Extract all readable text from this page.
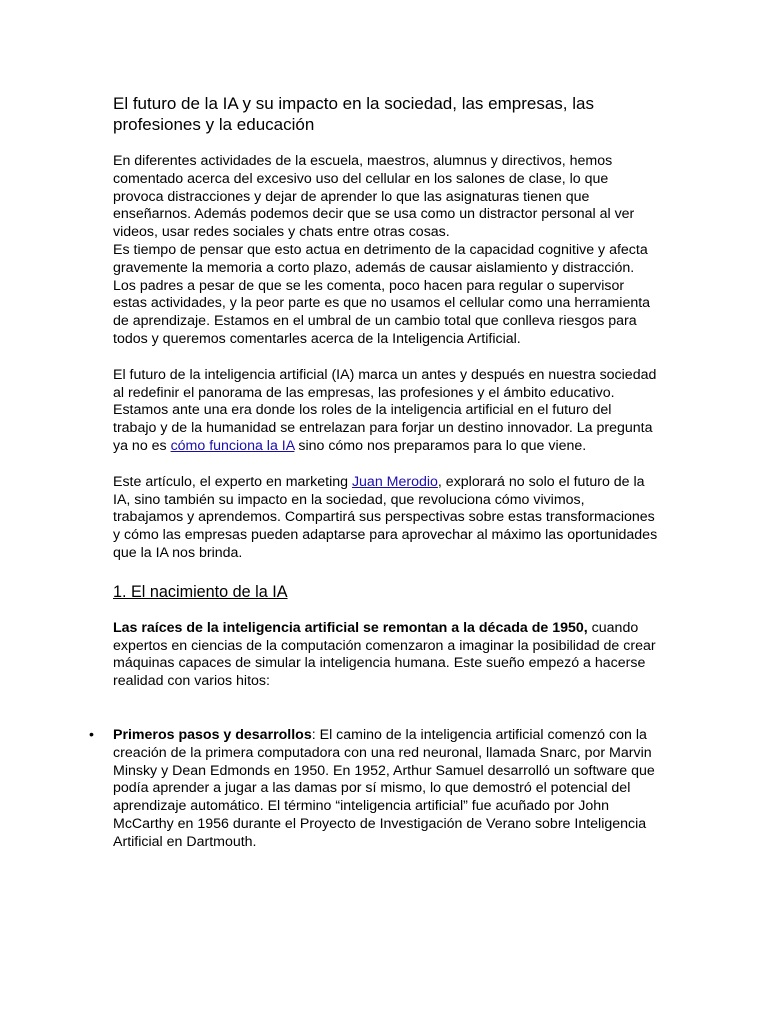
El futuro de la IA y su impacto en la sociedad, las empresas, las profesiones y la educación

En diferentes actividades de la escuela, maestros, alumnus y directivos, hemos comentado acerca del excesivo uso del cellular en los salones de clase, lo que provoca distracciones y dejar de aprender lo que las asignaturas tienen que enseñarnos. Además podemos decir que se usa como un distractor personal al ver videos, usar redes sociales y chats entre otras cosas.

Es tiempo de pensar que esto actua en detrimento de la capacidad cognitive y afecta gravemente la memoria a corto plazo, además de causar aislamiento y distracción. Los padres a pesar de que se les comenta, poco hacen para regular o supervisor estas actividades, y la peor parte es que no usamos el cellular como una herramienta de aprendizaje. Estamos en el umbral de un cambio total que conlleva riesgos para todos y queremos comentarles acerca de la Inteligencia Artificial.

El futuro de la inteligencia artificial (IA) marca un antes y después en nuestra sociedad al redefinir el panorama de las empresas, las profesiones y el ámbito educativo. Estamos ante una era donde los roles de la inteligencia artificial en el futuro del trabajo y de la humanidad se entrelazan para forjar un destino innovador. La pregunta ya no es cómo funciona la IA sino cómo nos preparamos para lo que viene.

Este artículo, el experto en marketing Juan Merodio, explorará no solo el futuro de la IA, sino también su impacto en la sociedad, que revoluciona cómo vivimos, trabajamos y aprendemos. Compartirá sus perspectivas sobre estas transformaciones y cómo las empresas pueden adaptarse para aprovechar al máximo las oportunidades que la IA nos brinda.

1. El nacimiento de la IA

Las raíces de la inteligencia artificial se remontan a la década de 1950, cuando expertos en ciencias de la computación comenzaron a imaginar la posibilidad de crear máquinas capaces de simular la inteligencia humana. Este sueño empezó a hacerse realidad con varios hitos:

• Primeros pasos y desarrollos: El camino de la inteligencia artificial comenzó con la creación de la primera computadora con una red neuronal, llamada Snarc, por Marvin Minsky y Dean Edmonds en 1950. En 1952, Arthur Samuel desarrolló un software que podía aprender a jugar a las damas por sí mismo, lo que demostró el potencial del aprendizaje automático. El término “inteligencia artificial” fue acuñado por John McCarthy en 1956 durante el Proyecto de Investigación de Verano sobre Inteligencia Artificial en Dartmouth.
